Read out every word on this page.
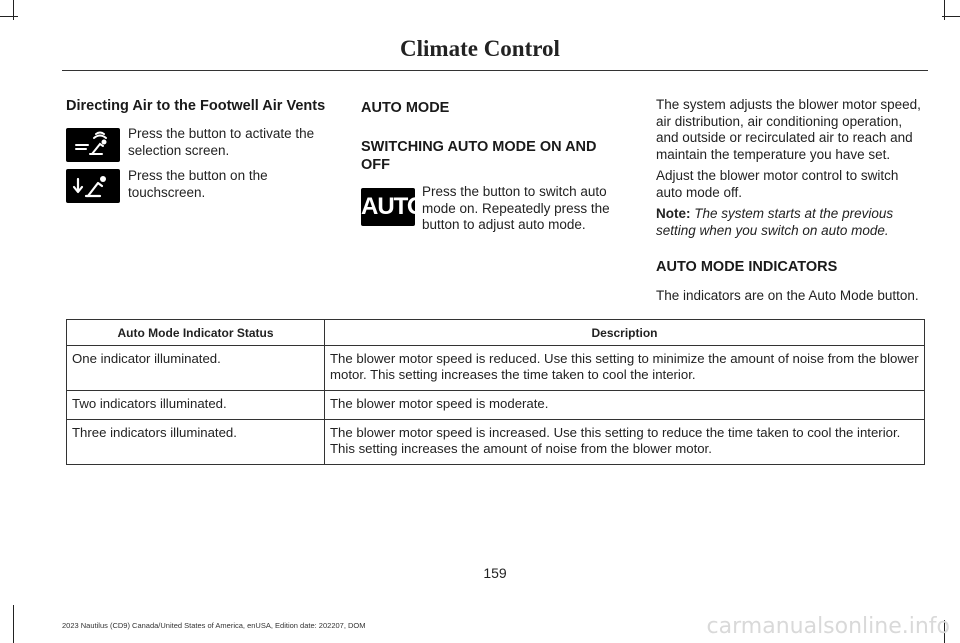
Climate Control
Directing Air to the Footwell Air Vents
Press the button to activate the selection screen.
Press the button on the touchscreen.
AUTO MODE
SWITCHING AUTO MODE ON AND OFF
AUTO
Press the button to switch auto mode on. Repeatedly press the button to adjust auto mode.
The system adjusts the blower motor speed, air distribution, air conditioning operation, and outside or recirculated air to reach and maintain the temperature you have set.
Adjust the blower motor control to switch auto mode off.
Note: The system starts at the previous setting when you switch on auto mode.
AUTO MODE INDICATORS
The indicators are on the Auto Mode button.
Auto Mode Indicator Status	Description
One indicator illuminated.	The blower motor speed is reduced. Use this setting to minimize the amount of noise from the blower motor. This setting increases the time taken to cool the interior.
Two indicators illuminated.	The blower motor speed is moderate.
Three indicators illuminated.	The blower motor speed is increased. Use this setting to reduce the time taken to cool the interior. This setting increases the amount of noise from the blower motor.
159
2023 Nautilus (CD9) Canada/United States of America, enUSA, Edition date: 202207, DOM	carmanualsonline.info
